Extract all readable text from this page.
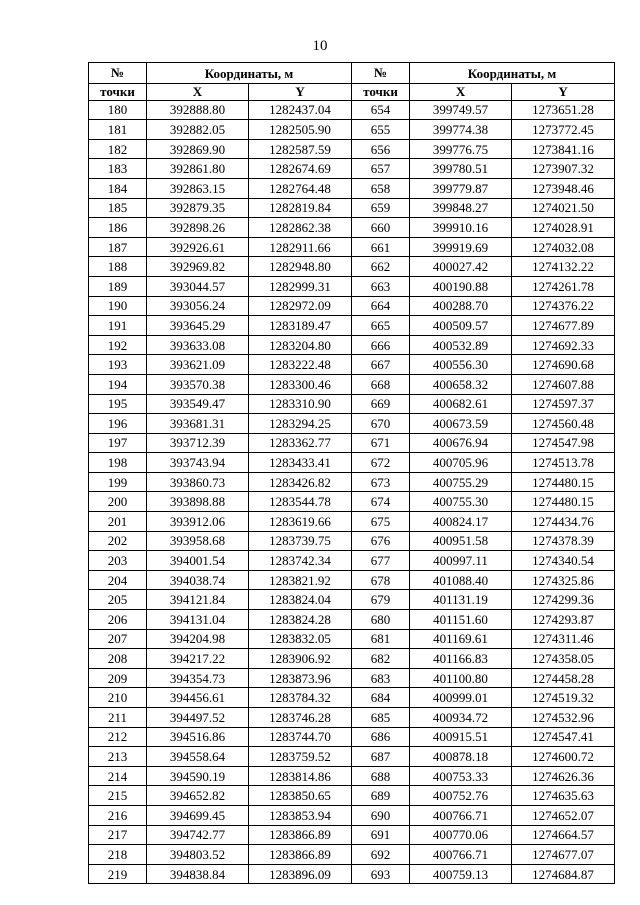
10
№	Координаты, м		№	Координаты, м	
точки	X	Y	точки	X	Y
180	392888.80	1282437.04	654	399749.57	1273651.28
181	392882.05	1282505.90	655	399774.38	1273772.45
182	392869.90	1282587.59	656	399776.75	1273841.16
183	392861.80	1282674.69	657	399780.51	1273907.32
184	392863.15	1282764.48	658	399779.87	1273948.46
185	392879.35	1282819.84	659	399848.27	1274021.50
186	392898.26	1282862.38	660	399910.16	1274028.91
187	392926.61	1282911.66	661	399919.69	1274032.08
188	392969.82	1282948.80	662	400027.42	1274132.22
189	393044.57	1282999.31	663	400190.88	1274261.78
190	393056.24	1282972.09	664	400288.70	1274376.22
191	393645.29	1283189.47	665	400509.57	1274677.89
192	393633.08	1283204.80	666	400532.89	1274692.33
193	393621.09	1283222.48	667	400556.30	1274690.68
194	393570.38	1283300.46	668	400658.32	1274607.88
195	393549.47	1283310.90	669	400682.61	1274597.37
196	393681.31	1283294.25	670	400673.59	1274560.48
197	393712.39	1283362.77	671	400676.94	1274547.98
198	393743.94	1283433.41	672	400705.96	1274513.78
199	393860.73	1283426.82	673	400755.29	1274480.15
200	393898.88	1283544.78	674	400755.30	1274480.15
201	393912.06	1283619.66	675	400824.17	1274434.76
202	393958.68	1283739.75	676	400951.58	1274378.39
203	394001.54	1283742.34	677	400997.11	1274340.54
204	394038.74	1283821.92	678	401088.40	1274325.86
205	394121.84	1283824.04	679	401131.19	1274299.36
206	394131.04	1283824.28	680	401151.60	1274293.87
207	394204.98	1283832.05	681	401169.61	1274311.46
208	394217.22	1283906.92	682	401166.83	1274358.05
209	394354.73	1283873.96	683	401100.80	1274458.28
210	394456.61	1283784.32	684	400999.01	1274519.32
211	394497.52	1283746.28	685	400934.72	1274532.96
212	394516.86	1283744.70	686	400915.51	1274547.41
213	394558.64	1283759.52	687	400878.18	1274600.72
214	394590.19	1283814.86	688	400753.33	1274626.36
215	394652.82	1283850.65	689	400752.76	1274635.63
216	394699.45	1283853.94	690	400766.71	1274652.07
217	394742.77	1283866.89	691	400770.06	1274664.57
218	394803.52	1283866.89	692	400766.71	1274677.07
219	394838.84	1283896.09	693	400759.13	1274684.87
